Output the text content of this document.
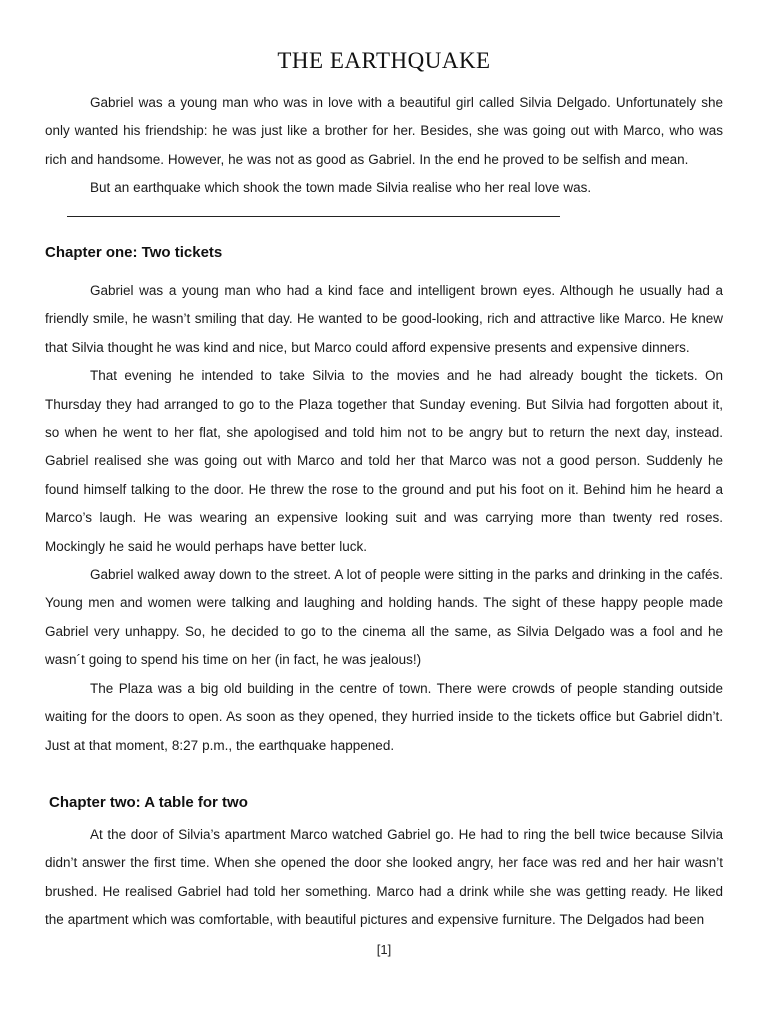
THE EARTHQUAKE

Gabriel was a young man who was in love with a beautiful girl called Silvia Delgado. Unfortunately she only wanted his friendship: he was just like a brother for her. Besides, she was going out with Marco, who was rich and handsome. However, he was not as good as Gabriel. In the end he proved to be selfish and mean.

But an earthquake which shook the town made Silvia realise who her real love was.

Chapter one: Two tickets

Gabriel was a young man who had a kind face and intelligent brown eyes. Although he usually had a friendly smile, he wasn’t smiling that day. He wanted to be good-looking, rich and attractive like Marco. He knew that Silvia thought he was kind and nice, but Marco could afford expensive presents and expensive dinners.

That evening he intended to take Silvia to the movies and he had already bought the tickets. On Thursday they had arranged to go to the Plaza together that Sunday evening. But Silvia had forgotten about it, so when he went to her flat, she apologised and told him not to be angry but to return the next day, instead. Gabriel realised she was going out with Marco and told her that Marco was not a good person. Suddenly he found himself talking to the door. He threw the rose to the ground and put his foot on it. Behind him he heard a Marco’s laugh. He was wearing an expensive looking suit and was carrying more than twenty red roses. Mockingly he said he would perhaps have better luck.

Gabriel walked away down to the street. A lot of people were sitting in the parks and drinking in the cafés. Young men and women were talking and laughing and holding hands. The sight of these happy people made Gabriel very unhappy. So, he decided to go to the cinema all the same, as Silvia Delgado was a fool and he wasn´t going to spend his time on her (in fact, he was jealous!)

The Plaza was a big old building in the centre of town. There were crowds of people standing outside waiting for the doors to open. As soon as they opened, they hurried inside to the tickets office but Gabriel didn’t. Just at that moment, 8:27 p.m., the earthquake happened.

Chapter two: A table for two

At the door of Silvia’s apartment Marco watched Gabriel go. He had to ring the bell twice because Silvia didn’t answer the first time. When she opened the door she looked angry, her face was red and her hair wasn’t brushed. He realised Gabriel had told her something. Marco had a drink while she was getting ready. He liked the apartment which was comfortable, with beautiful pictures and expensive furniture. The Delgados had been

[1]
